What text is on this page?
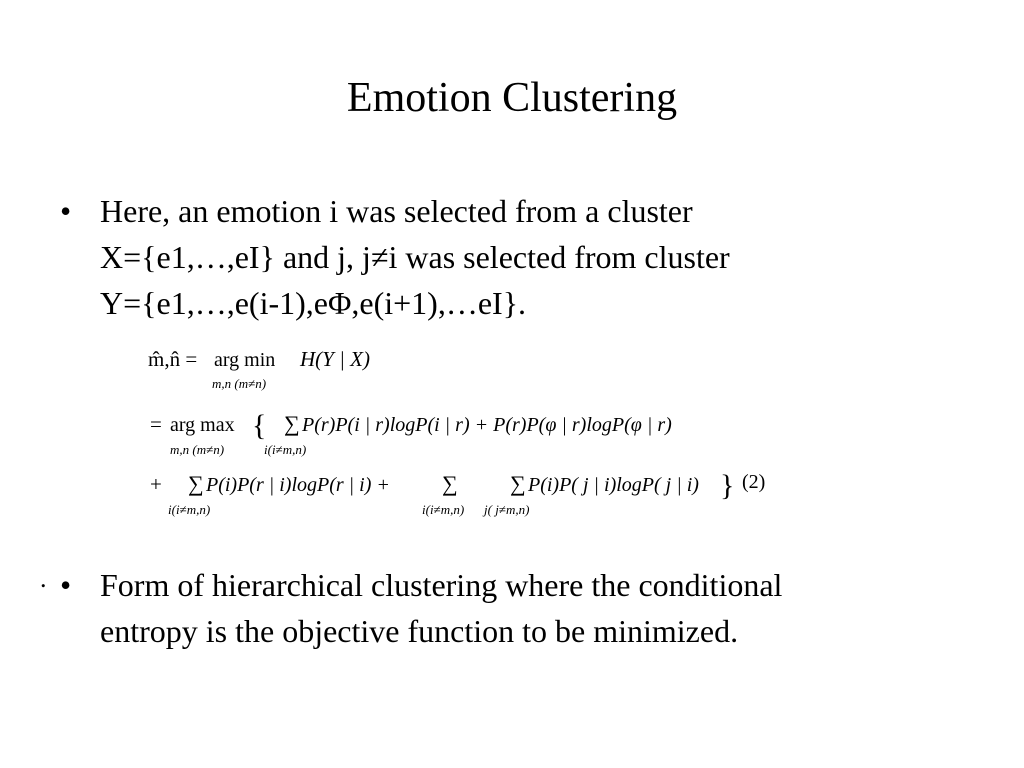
Emotion Clustering
• Here, an emotion i was selected from a cluster
X={e1,…,eI} and j, j≠i was selected from cluster
Y={e1,…,e(i-1),eΦ,e(i+1),…eI}.
m̂,n̂ = arg min
m,n (m≠n)
H(Y | X)
= arg max
m,n (m≠n)
{ ∑
i(i≠m,n)
P(r)P(i | r)logP(i | r) + P(r)P(φ | r)logP(φ | r)
+ ∑
i(i≠m,n)
P(i)P(r | i)logP(r | i) + ∑
i(i≠m,n)
∑
j( j≠m,n)
P(i)P( j | i)logP( j | i) } (2)
. • Form of hierarchical clustering where the conditional
entropy is the objective function to be minimized.
